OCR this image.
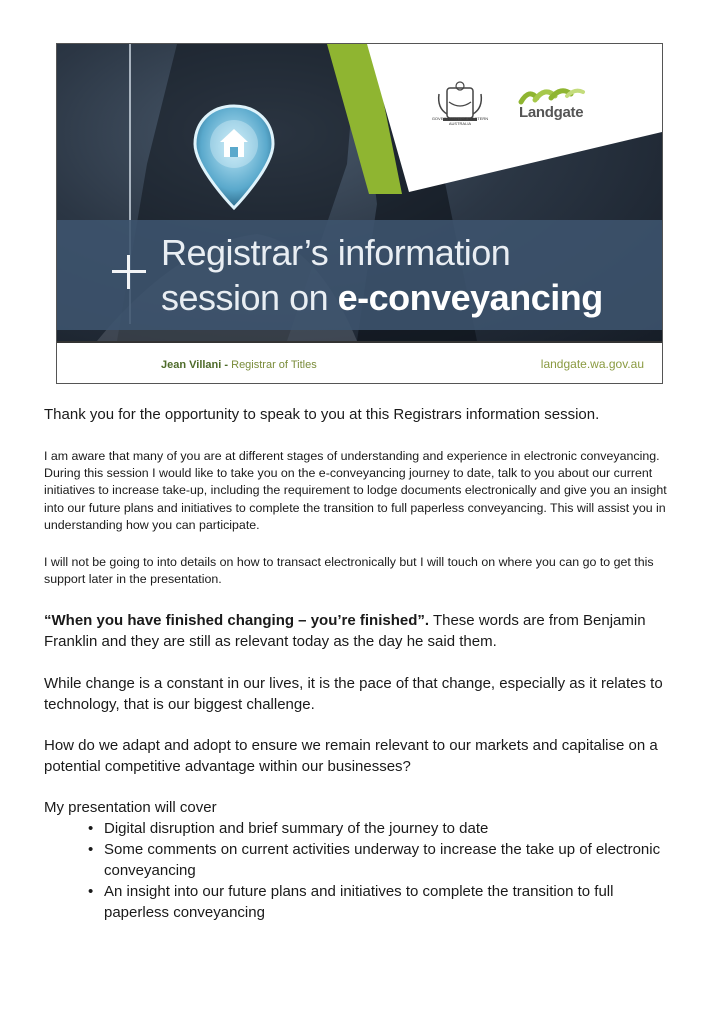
Registrar’s information
session on e-conveyancing
GOVERNMENT OF WESTERN AUSTRALIA
Landgate
Jean Villani - Registrar of Titles	landgate.wa.gov.au
Thank you for the opportunity to speak to you at this Registrars information session.
I am aware that many of you are at different stages of understanding and experience in electronic conveyancing. During this session I would like to take you on the e-conveyancing journey to date, talk to you about our current initiatives to increase take-up, including the requirement to lodge documents electronically and give you an insight into our future plans and initiatives to complete the transition to full paperless conveyancing. This will assist you in understanding how you can participate.
I will not be going to into details on how to transact electronically but I will touch on where you can go to get this support later in the presentation.
“When you have finished changing – you’re finished”. These words are from Benjamin Franklin and they are still as relevant today as the day he said them.
While change is a constant in our lives, it is the pace of that change, especially as it relates to technology, that is our biggest challenge.
How do we adapt and adopt to ensure we remain relevant to our markets and capitalise on a potential competitive advantage within our businesses?
My presentation will cover
• Digital disruption and brief summary of the journey to date
• Some comments on current activities underway to increase the take up of electronic conveyancing
• An insight into our future plans and initiatives to complete the transition to full paperless conveyancing
